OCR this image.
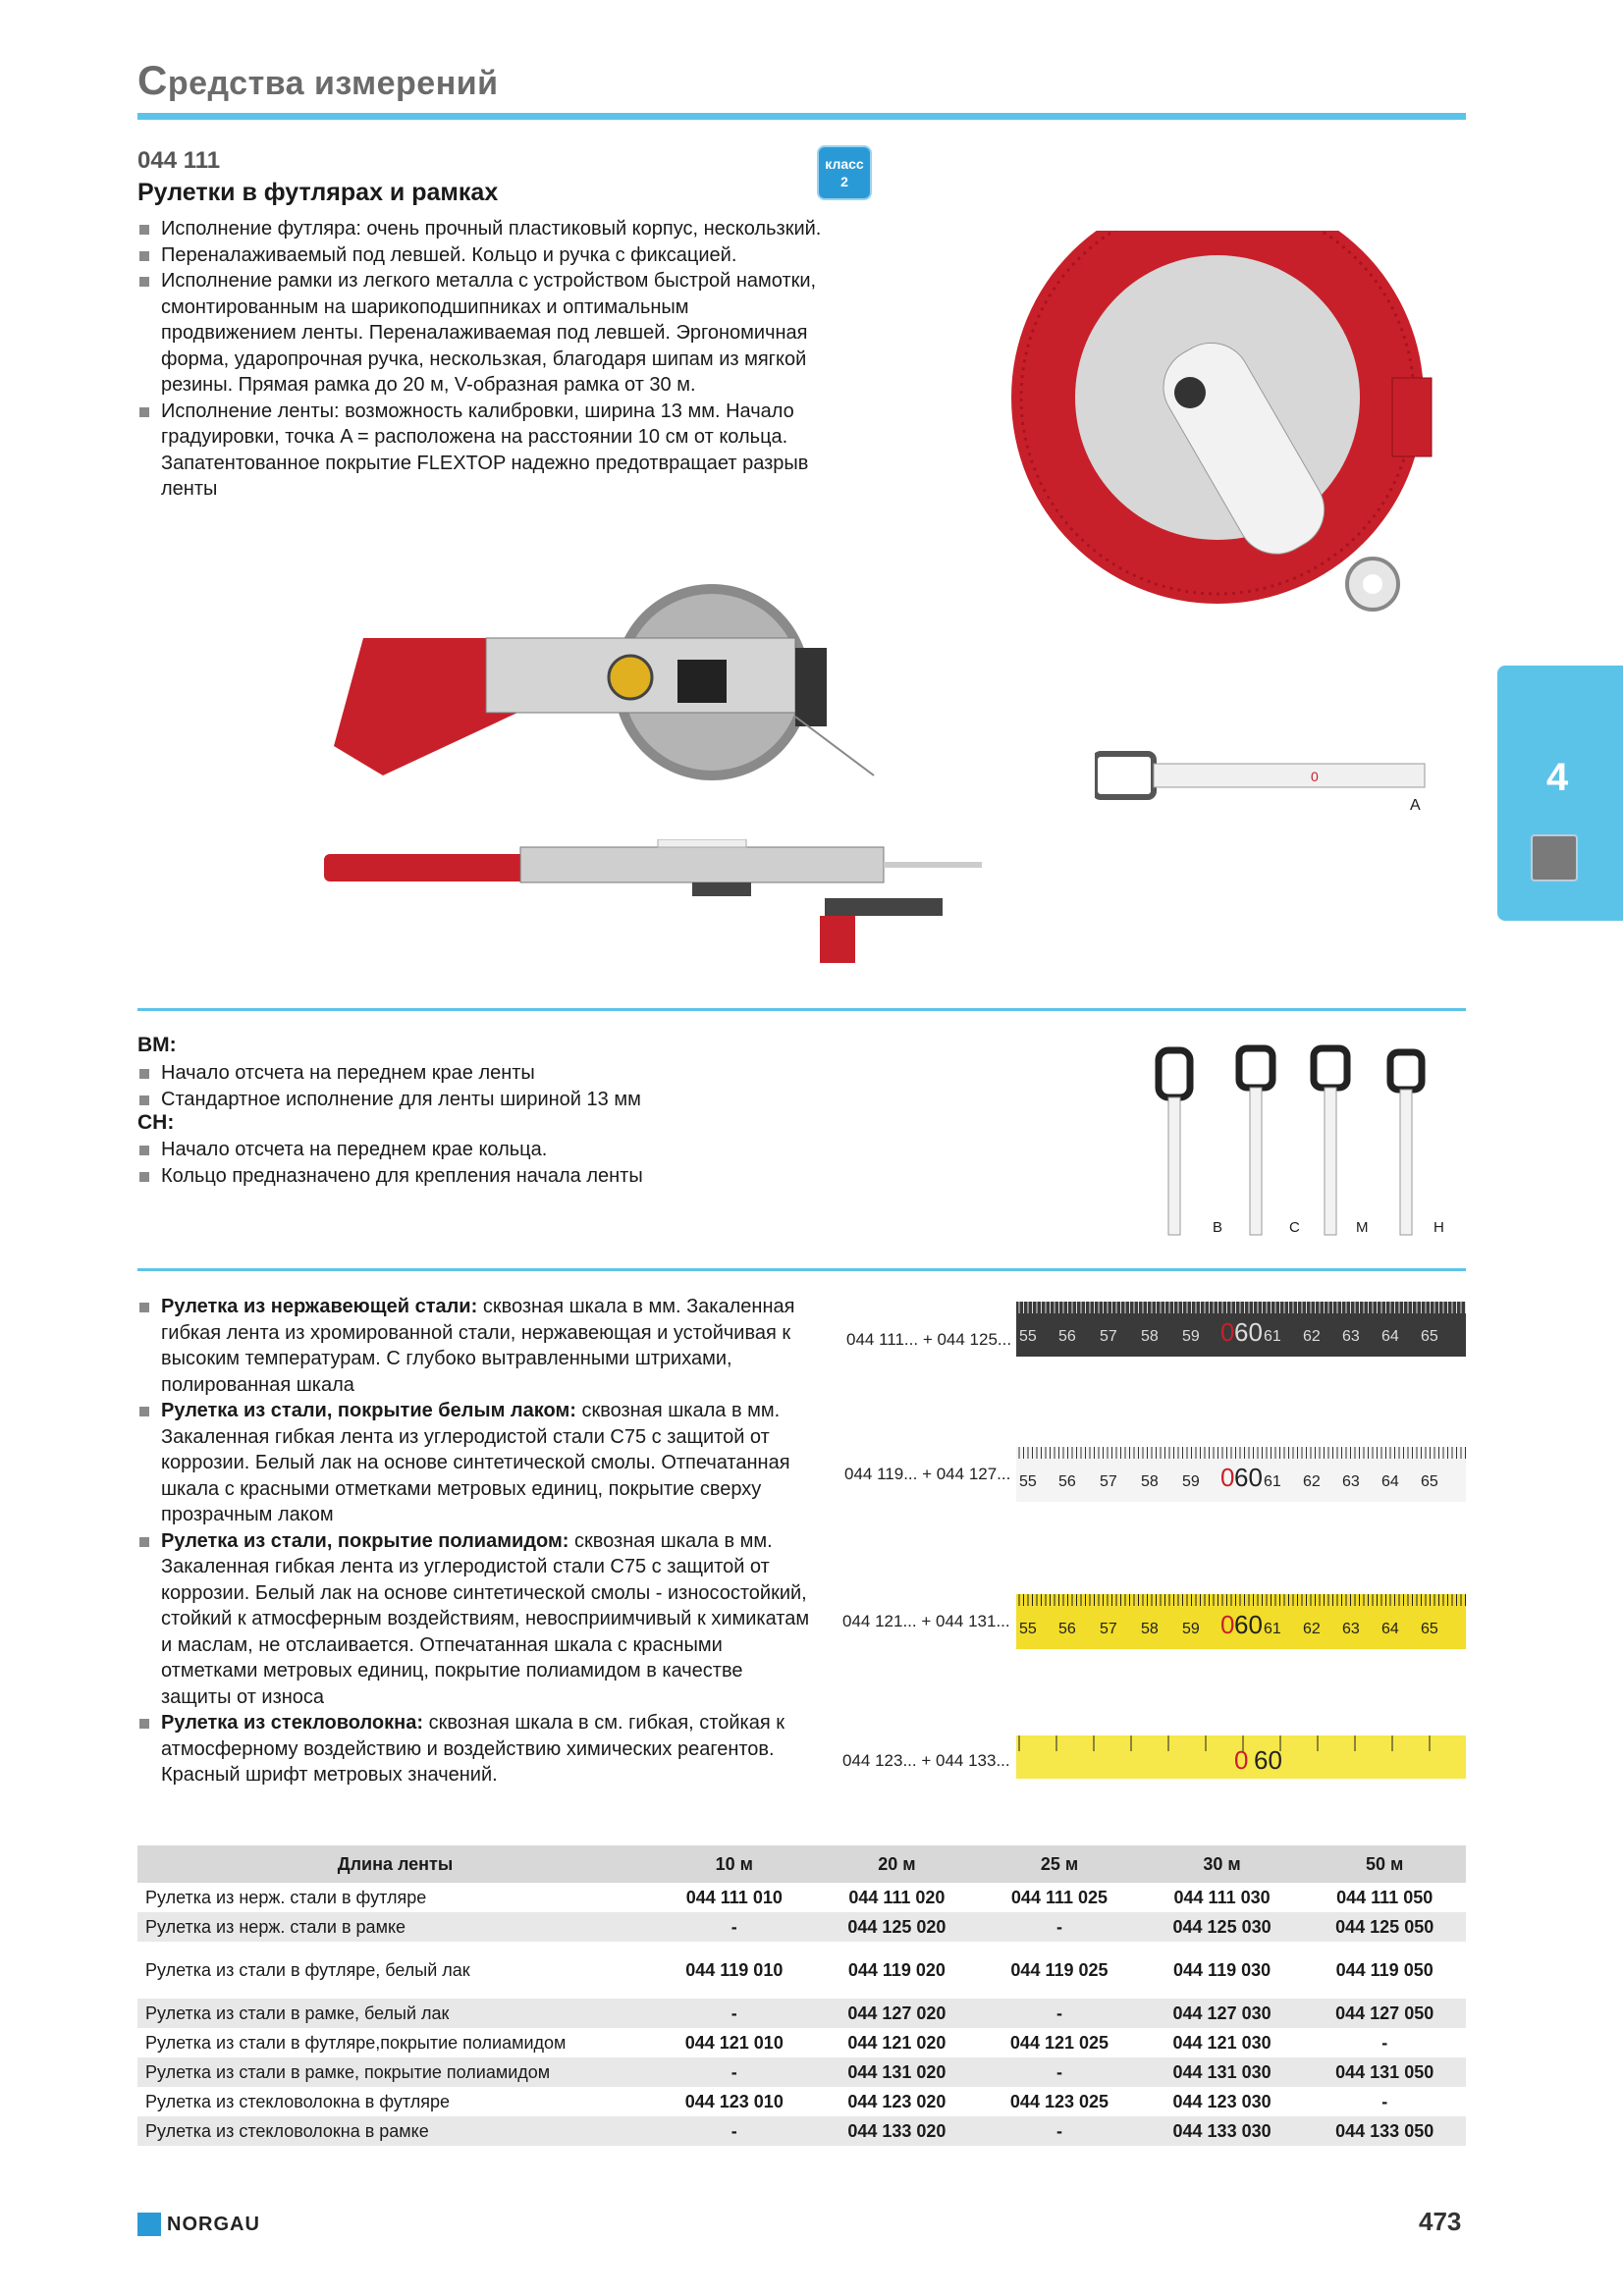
Средства измерений
044 111
Рулетки в футлярах и рамках
класс
2
Исполнение футляра: очень прочный пластиковый корпус, нескользкий.
Переналаживаемый под левшей. Кольцо и ручка с фиксацией.
Исполнение рамки из легкого металла с устройством быстрой намотки, смонтированным на шарикоподшипниках и оптимальным продвижением ленты. Переналаживаемая под левшей. Эргономичная форма, ударопрочная ручка, нескользкая, благодаря шипам из мягкой резины. Прямая рамка до 20 м, V-образная рамка от 30 м.
Исполнение ленты: возможность калибровки, ширина 13 мм. Начало градуировки, точка A = расположена на расстоянии 10 см от кольца. Запатентованное покрытие FLEXTOP надежно предотвращает разрыв ленты
0
A
4
BM:
Начало отсчета на переднем крае ленты
Стандартное исполнение для ленты шириной 13 мм
CH:
Начало отсчета на переднем крае кольца.
Кольцо предназначено для крепления начала ленты
B	C	M	H
Рулетка из нержавеющей стали: сквозная шкала в мм. Закаленная гибкая лента из хромированной стали, нержавеющая и устойчивая к высоким температурам. С глубоко вытравленными штрихами, полированная шкала
Рулетка из стали, покрытие белым лаком: сквозная шкала в мм. Закаленная гибкая лента из углеродистой стали C75 с защитой от коррозии. Белый лак на основе синтетической смолы. Отпечатанная шкала с красными отметками метровых единиц, покрытие сверху прозрачным лаком
Рулетка из стали, покрытие полиамидом: сквозная шкала в мм. Закаленная гибкая лента из углеродистой стали C75 с защитой от коррозии. Белый лак на основе синтетической смолы - износостойкий, стойкий к атмосферным воздействиям, невосприимчивый к химикатам и маслам, не отслаивается. Отпечатанная шкала с красными отметками метровых единиц, покрытие полиамидом в качестве защиты от износа
Рулетка из стекловолокна: сквозная шкала в см. гибкая, стойкая к атмосферному воздействию и воздействию химических реагентов. Красный шрифт метровых значений.
044 111... + 044 125... 55 56 57 58 59 0 60 61 62 63 64 65
044 119... + 044 127... 55 56 57 58 59 0 60 61 62 63 64 65
044 121... + 044 131... 55 56 57 58 59 0 60 61 62 63 64 65
044 123... + 044 133...	0 60
Длина ленты	10 м	20 м	25 м	30 м	50 м
Рулетка из нерж. стали в футляре	044 111 010	044 111 020	044 111 025	044 111 030	044 111 050
Рулетка из нерж. стали в рамке	-	044 125 020	-	044 125 030	044 125 050
Рулетка из стали в футляре, белый лак	044 119 010	044 119 020	044 119 025	044 119 030	044 119 050
Рулетка из стали в рамке, белый лак	-	044 127 020	-	044 127 030	044 127 050
Рулетка из стали в футляре,покрытие полиамидом	044 121 010	044 121 020	044 121 025	044 121 030	-
Рулетка из стали в рамке, покрытие полиамидом	-	044 131 020	-	044 131 030	044 131 050
Рулетка из стекловолокна в футляре	044 123 010	044 123 020	044 123 025	044 123 030	-
Рулетка из стекловолокна в рамке	-	044 133 020	-	044 133 030	044 133 050
NORGAU	473
